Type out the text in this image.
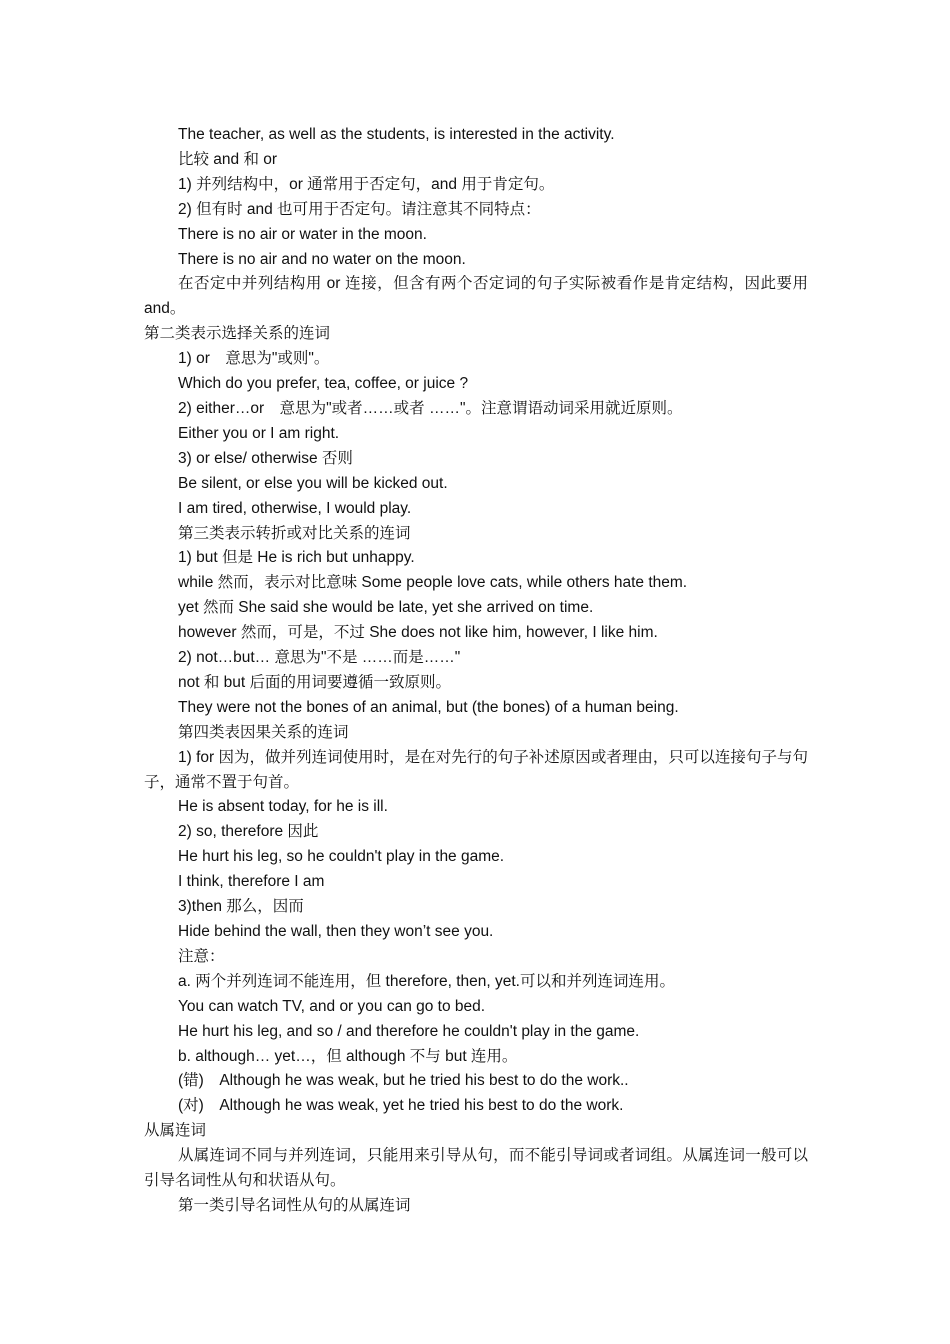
The teacher, as well as the students, is interested in the activity.
比较 and 和 or
1) 并列结构中，or 通常用于否定句，and 用于肯定句。
2) 但有时 and 也可用于否定句。请注意其不同特点：
There is no air or water in the moon.
There is no air and no water on the moon.
在否定中并列结构用 or 连接，但含有两个否定词的句子实际被看作是肯定结构，因此要用 and。
第二类表示选择关系的连词
1) or　意思为"或则"。
Which do you prefer, tea, coffee, or juice ?
2) either…or　意思为"或者……或者 ……"。注意谓语动词采用就近原则。
Either you or I am right.
3) or else/ otherwise 否则
Be silent, or else you will be kicked out.
I am tired, otherwise, I would play.
第三类表示转折或对比关系的连词
1) but 但是 He is rich but unhappy.
while 然而，表示对比意味 Some people love cats, while others hate them.
yet 然而 She said she would be late, yet she arrived on time.
however 然而，可是，不过 She does not like him, however, I like him.
2) not…but… 意思为"不是 ……而是……"
not 和 but 后面的用词要遵循一致原则。
They were not the bones of an animal, but (the bones) of a human being.
第四类表因果关系的连词
1) for 因为，做并列连词使用时，是在对先行的句子补述原因或者理由，只可以连接句子与句子，通常不置于句首。
He is absent today, for he is ill.
2) so, therefore 因此
He hurt his leg, so he couldn't play in the game.
I think, therefore I am
3)then 那么，因而
Hide behind the wall, then they won’t see you.
注意：
a. 两个并列连词不能连用，但 therefore, then, yet.可以和并列连词连用。
You can watch TV, and or you can go to bed.
He hurt his leg, and so / and therefore he couldn't play in the game.
b. although… yet…，但 although 不与 but 连用。
(错)　Although he was weak, but he tried his best to do the work..
(对)　Although he was weak, yet he tried his best to do the work.
从属连词
从属连词不同与并列连词，只能用来引导从句，而不能引导词或者词组。从属连词一般可以引导名词性从句和状语从句。
第一类引导名词性从句的从属连词
